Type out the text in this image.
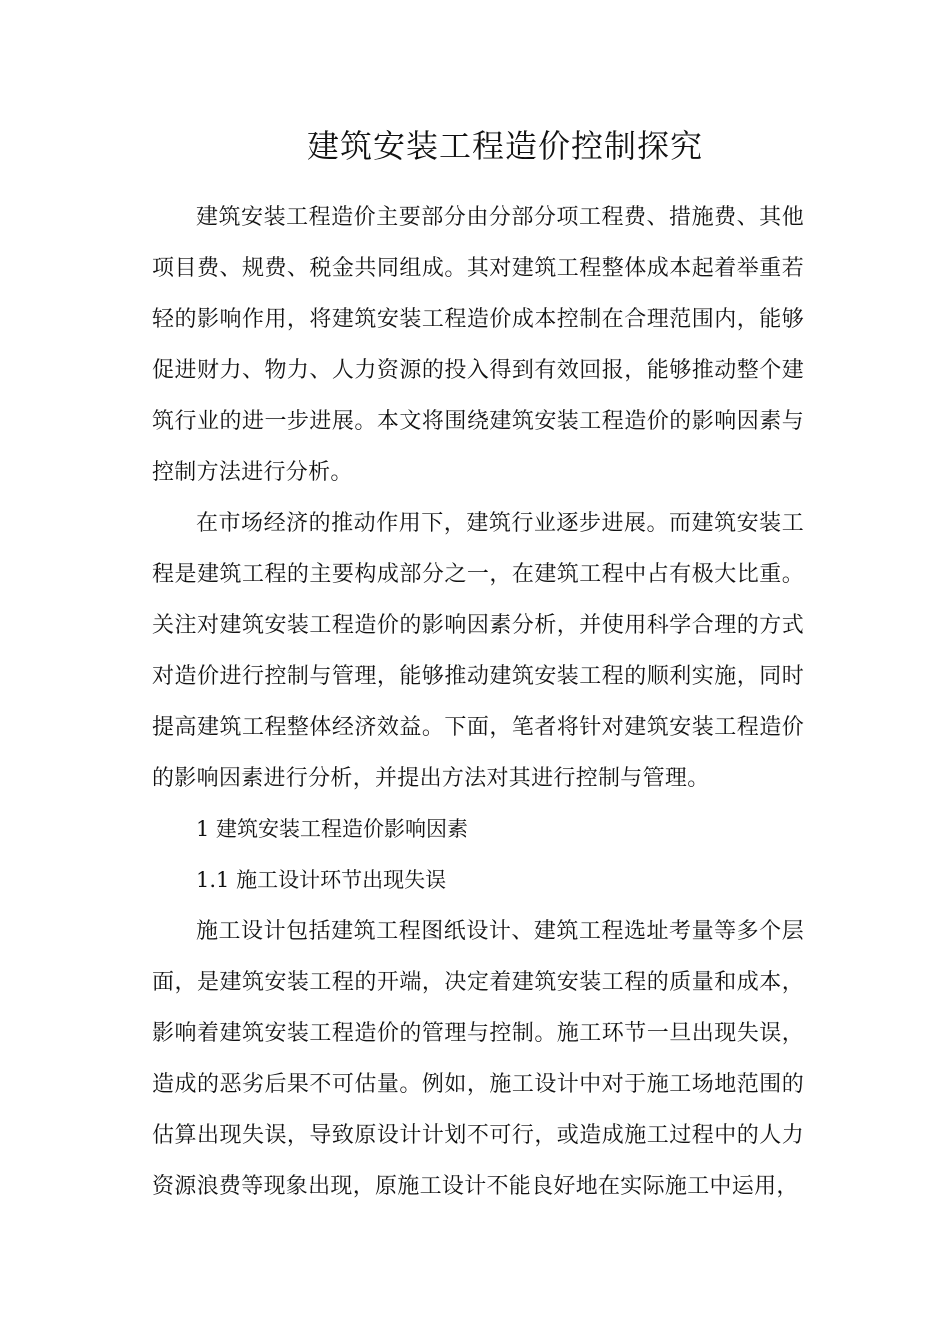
建筑安装工程造价控制探究

建筑安装工程造价主要部分由分部分项工程费、措施费、其他项目费、规费、税金共同组成。其对建筑工程整体成本起着举重若轻的影响作用，将建筑安装工程造价成本控制在合理范围内，能够促进财力、物力、人力资源的投入得到有效回报，能够推动整个建筑行业的进一步进展。本文将围绕建筑安装工程造价的影响因素与控制方法进行分析。

在市场经济的推动作用下，建筑行业逐步进展。而建筑安装工程是建筑工程的主要构成部分之一，在建筑工程中占有极大比重。关注对建筑安装工程造价的影响因素分析，并使用科学合理的方式对造价进行控制与管理，能够推动建筑安装工程的顺利实施，同时提高建筑工程整体经济效益。下面，笔者将针对建筑安装工程造价的影响因素进行分析，并提出方法对其进行控制与管理。

1 建筑安装工程造价影响因素

1.1 施工设计环节出现失误

施工设计包括建筑工程图纸设计、建筑工程选址考量等多个层面，是建筑安装工程的开端，决定着建筑安装工程的质量和成本，影响着建筑安装工程造价的管理与控制。施工环节一旦出现失误，造成的恶劣后果不可估量。例如，施工设计中对于施工场地范围的估算出现失误，导致原设计计划不可行，或造成施工过程中的人力资源浪费等现象出现，原施工设计不能良好地在实际施工中运用，
